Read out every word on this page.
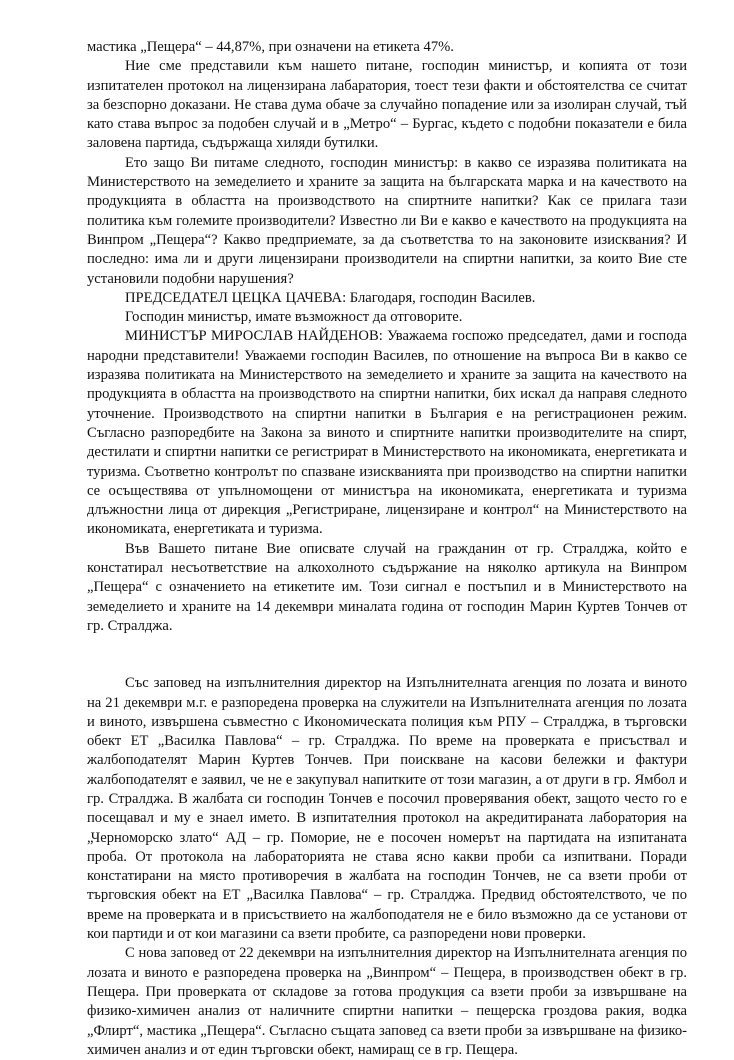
мастика „Пещера“ – 44,87%, при означени на етикета 47%.

Ние сме представили към нашето питане, господин министър, и копията от този изпитателен протокол на лицензирана лабаратория, тоест тези факти и обстоятелства се считат за безспорно доказани. Не става дума обаче за случайно попадение или за изолиран случай, тъй като става въпрос за подобен случай и в „Метро“ – Бургас, където с подобни показатели е била заловена партида, съдържаща хиляди бутилки.

Ето защо Ви питаме следното, господин министър: в какво се изразява политиката на Министерството на земеделието и храните за защита на българската марка и на качеството на продукцията в областта на производството на спиртните напитки? Как се прилага тази политика към големите производители? Известно ли Ви е какво е качеството на продукцията на Винпром „Пещера“? Какво предприемате, за да съответства то на законовите изисквания? И последно: има ли и други лицензирани производители на спиртни напитки, за които Вие сте установили подобни нарушения?

ПРЕДСЕДАТЕЛ ЦЕЦКА ЦАЧЕВА: Благодаря, господин Василев.

Господин министър, имате възможност да отговорите.

МИНИСТЪР МИРОСЛАВ НАЙДЕНОВ: Уважаема госпожо председател, дами и господа народни представители! Уважаеми господин Василев, по отношение на въпроса Ви в какво се изразява политиката на Министерството на земеделието и храните за защита на качеството на продукцията в областта на производството на спиртни напитки, бих искал да направя следното уточнение. Производството на спиртни напитки в България е на регистрационен режим. Съгласно разпоредбите на Закона за виното и спиртните напитки производителите на спирт, дестилати и спиртни напитки се регистрират в Министерството на икономиката, енергетиката и туризма. Съответно контролът по спазване изискванията при производство на спиртни напитки се осъществява от упълномощени от министъра на икономиката, енергетиката и туризма длъжностни лица от дирекция „Регистриране, лицензиране и контрол“ на Министерството на икономиката, енергетиката и туризма.

Във Вашето питане Вие описвате случай на гражданин от гр. Стралджа, който е констатирал несъответствие на алкохолното съдържание на няколко артикула на Винпром „Пещера“ с означението на етикетите им. Този сигнал е постъпил и в Министерството на земеделието и храните на 14 декември миналата година от господин Марин Куртев Тончев от гр. Стралджа.

Със заповед на изпълнителния директор на Изпълнителната агенция по лозата и виното на 21 декември м.г. е разпоредена проверка на служители на Изпълнителната агенция по лозата и виното, извършена съвместно с Икономическата полиция към РПУ – Стралджа, в търговски обект ЕТ „Василка Павлова“ – гр. Стралджа. По време на проверката е присъствал и жалбоподателят Марин Куртев Тончев. При поискване на касови бележки и фактури жалбоподателят е заявил, че не е закупувал напитките от този магазин, а от други в гр. Ямбол и гр. Стралджа. В жалбата си господин Тончев е посочил проверявания обект, защото често го е посещавал и му е знаел името. В изпитателния протокол на акредитираната лаборатория на „Черноморско злато“ АД – гр. Поморие, не е посочен номерът на партидата на изпитаната проба. От протокола на лабораторията не става ясно какви проби са изпитвани. Поради констатирани на място противоречия в жалбата на господин Тончев, не са взети проби от търговския обект на ЕТ „Василка Павлова“ – гр. Стралджа. Предвид обстоятелството, че по време на проверката и в присъствието на жалбоподателя не е било възможно да се установи от кои партиди и от кои магазини са взети пробите, са разпоредени нови проверки.

С нова заповед от 22 декември на изпълнителния директор на Изпълнителната агенция по лозата и виното е разпоредена проверка на „Винпром“ – Пещера, в производствен обект в гр. Пещера. При проверката от складове за готова продукция са взети проби за извършване на физико-химичен анализ от наличните спиртни напитки – пещерска гроздова ракия, водка „Флирт“, мастика „Пещера“. Съгласно същата заповед са взети проби за извършване на физико-химичен анализ и от един търговски обект, намиращ се в гр. Пещера.
